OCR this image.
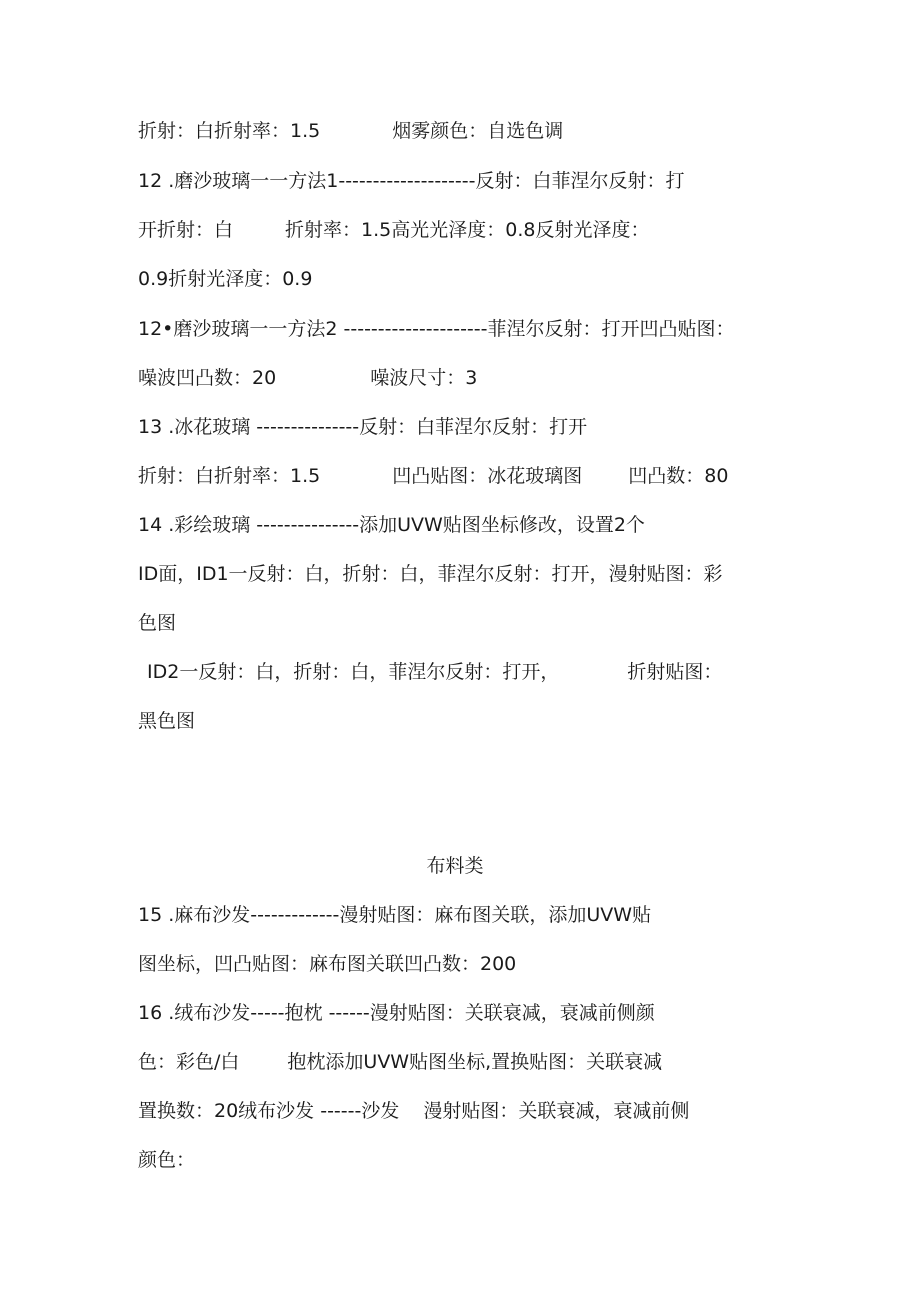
折射：白折射率：1.5	烟雾颜色：自选色调
12 .磨沙玻璃一一方法1--------------------反射：白菲涅尔反射：打
开折射：白	折射率：1.5高光光泽度：0.8反射光泽度：
0.9折射光泽度：0.9
12•磨沙玻璃一一方法2 ---------------------菲涅尔反射：打开凹凸贴图：
噪波凹凸数：20	噪波尺寸：3
13 .冰花玻璃 ---------------反射：白菲涅尔反射：打开
折射：白折射率：1.5	凹凸贴图：冰花玻璃图 凹凸数：80
14 .彩绘玻璃 ---------------添加UVW贴图坐标修改，设置2个
ID面，ID1一反射：白，折射：白，菲涅尔反射：打开，漫射贴图：彩
色图
ID2一反射：白，折射：白，菲涅尔反射：打开，	折射贴图：
黑色图
布料类
15 .麻布沙发-------------漫射贴图：麻布图关联，添加UVW贴
图坐标，凹凸贴图：麻布图关联凹凸数：200
16 .绒布沙发-----抱枕 ------漫射贴图：关联衰减，衰减前侧颜
色：彩色/白	抱枕添加UVW贴图坐标,置换贴图：关联衰减
置换数：20绒布沙发 ------沙发 漫射贴图：关联衰减，衰减前侧
颜色：
